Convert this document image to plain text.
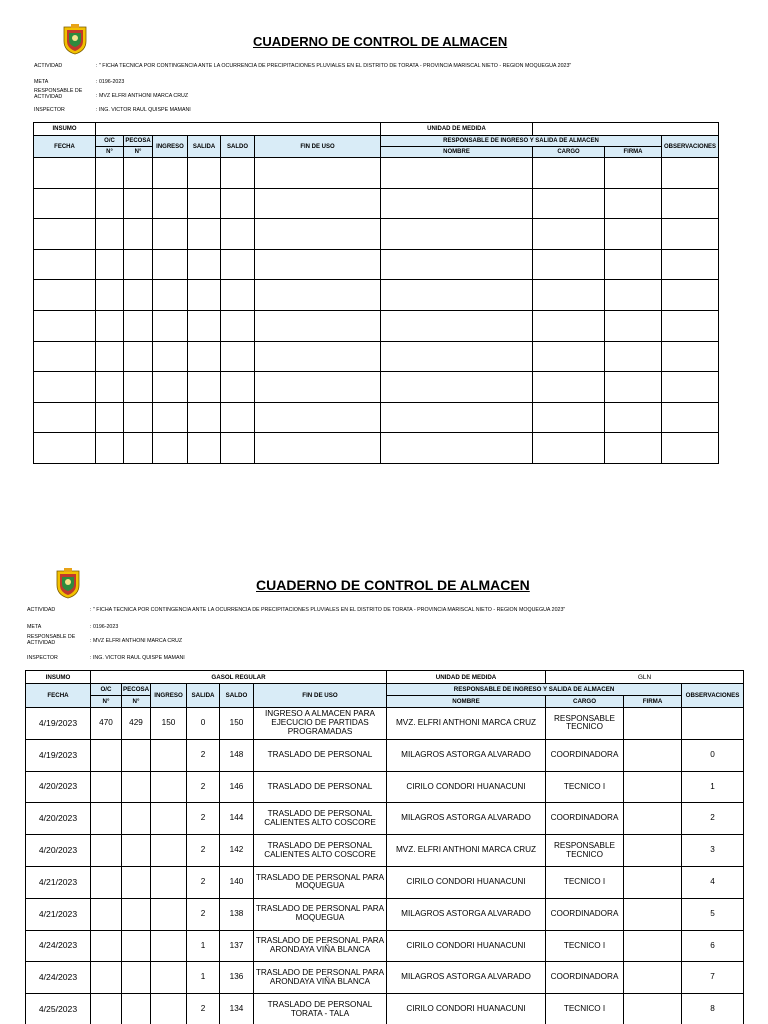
CUADERNO DE CONTROL DE ALMACEN
ACTIVIDAD	: " FICHA TECNICA POR CONTINGENCIA ANTE LA OCURRENCIA DE PRECIPITACIONES PLUVIALES EN EL DISTRITO DE TORATA - PROVINCIA MARISCAL NIETO - REGION MOQUEGUA 2023"
META	: 0196-2023
RESPONSABLE DE ACTIVIDAD	: MVZ ELFRI ANTHONI MARCA CRUZ
INSPECTOR	: ING. VICTOR RAUL QUISPE MAMANI
INSUMO							UNIDAD DE MEDIDA			
FECHA	O/C	PECOSA	INGRESO	SALIDA	SALDO	FIN DE USO	RESPONSABLE DE INGRESO Y SALIDA DE ALMACEN			OBSERVACIONES
	N°	N°					NOMBRE	CARGO	FIRMA	

CUADERNO DE CONTROL DE ALMACEN
ACTIVIDAD	: " FICHA TECNICA POR CONTINGENCIA ANTE LA OCURRENCIA DE PRECIPITACIONES PLUVIALES EN EL DISTRITO DE TORATA - PROVINCIA MARISCAL NIETO - REGION MOQUEGUA 2023"
META	: 0196-2023
RESPONSABLE DE ACTIVIDAD	: MVZ ELFRI ANTHONI MARCA CRUZ
INSPECTOR	: ING. VICTOR RAUL QUISPE MAMANI
INSUMO	GASOL REGULAR						UNIDAD DE MEDIDA	GLN		
FECHA	O/C	PECOSA	INGRESO	SALIDA	SALDO	FIN DE USO	RESPONSABLE DE INGRESO Y SALIDA DE ALMACEN			OBSERVACIONES
	N°	N°					NOMBRE	CARGO	FIRMA	

4/19/2023	470	429	150	0	150	INGRESO A ALMACEN PARA EJECUCIO DE PARTIDAS PROGRAMADAS	MVZ. ELFRI ANTHONI MARCA CRUZ	RESPONSABLE TECNICO		

4/19/2023				2	148	TRASLADO DE PERSONAL	MILAGROS ASTORGA ALVARADO	COORDINADORA		0

4/20/2023				2	146	TRASLADO DE PERSONAL	CIRILO CONDORI HUANACUNI	TECNICO I		1

4/20/2023				2	144	TRASLADO DE PERSONAL CALIENTES ALTO COSCORE	MILAGROS ASTORGA ALVARADO	COORDINADORA		2

4/20/2023				2	142	TRASLADO DE PERSONAL CALIENTES ALTO COSCORE	MVZ. ELFRI ANTHONI MARCA CRUZ	RESPONSABLE TECNICO		3

4/21/2023				2	140	TRASLADO DE PERSONAL PARA MOQUEGUA	CIRILO CONDORI HUANACUNI	TECNICO I		4

4/21/2023				2	138	TRASLADO DE PERSONAL PARA MOQUEGUA	MILAGROS ASTORGA ALVARADO	COORDINADORA		5

4/24/2023				1	137	TRASLADO DE PERSONAL PARA ARONDAYA VIÑA BLANCA	CIRILO CONDORI HUANACUNI	TECNICO I		6

4/24/2023				1	136	TRASLADO DE PERSONAL PARA ARONDAYA VIÑA BLANCA	MILAGROS ASTORGA ALVARADO	COORDINADORA		7

4/25/2023				2	134	TRASLADO DE PERSONAL TORATA - TALA	CIRILO CONDORI HUANACUNI	TECNICO I		8
